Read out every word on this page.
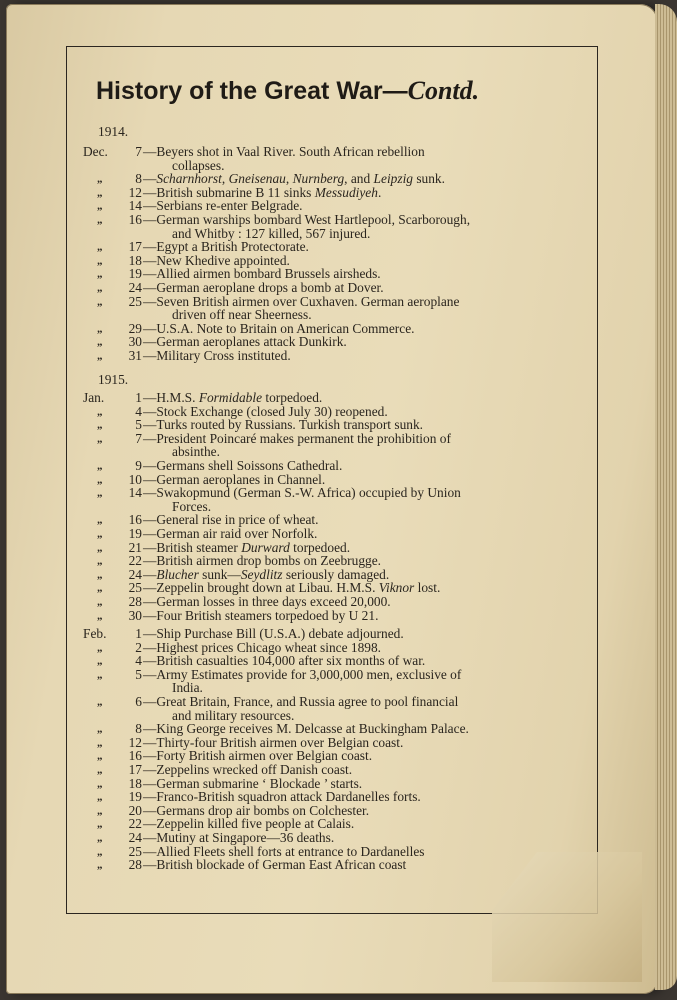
History of the Great War—Contd.
1914.
Dec.	7 —Beyers shot in Vaal River. South African rebellion
collapses.
„	8 —Scharnhorst, Gneisenau, Nurnberg, and Leipzig sunk.
„	12 —British submarine B 11 sinks Messudiyeh.
„	14 —Serbians re-enter Belgrade.
„	16 —German warships bombard West Hartlepool, Scarborough,
and Whitby : 127 killed, 567 injured.
„	17 —Egypt a British Protectorate.
„	18 —New Khedive appointed.
„	19 —Allied airmen bombard Brussels airsheds.
„	24 —German aeroplane drops a bomb at Dover.
„	25 —Seven British airmen over Cuxhaven. German aeroplane
driven off near Sheerness.
„	29 —U.S.A. Note to Britain on American Commerce.
„	30 —German aeroplanes attack Dunkirk.
„	31 —Military Cross instituted.
1915.
Jan.	1 —H.M.S. Formidable torpedoed.
„	4 —Stock Exchange (closed July 30) reopened.
„	5 —Turks routed by Russians. Turkish transport sunk.
„	7 —President Poincaré makes permanent the prohibition of
absinthe.
„	9 —Germans shell Soissons Cathedral.
„	10 —German aeroplanes in Channel.
„	14 —Swakopmund (German S.-W. Africa) occupied by Union
Forces.
„	16 —General rise in price of wheat.
„	19 —German air raid over Norfolk.
„	21 —British steamer Durward torpedoed.
„	22 —British airmen drop bombs on Zeebrugge.
„	24 —Blucher sunk—Seydlitz seriously damaged.
„	25 —Zeppelin brought down at Libau. H.M.S. Viknor lost.
„	28 —German losses in three days exceed 20,000.
„	30 —Four British steamers torpedoed by U 21.
Feb.	1 —Ship Purchase Bill (U.S.A.) debate adjourned.
„	2 —Highest prices Chicago wheat since 1898.
„	4 —British casualties 104,000 after six months of war.
„	5 —Army Estimates provide for 3,000,000 men, exclusive of
India.
„	6 —Great Britain, France, and Russia agree to pool financial
and military resources.
„	8 —King George receives M. Delcasse at Buckingham Palace.
„	12 —Thirty-four British airmen over Belgian coast.
„	16 —Forty British airmen over Belgian coast.
„	17 —Zeppelins wrecked off Danish coast.
„	18 —German submarine ‘ Blockade ’ starts.
„	19 —Franco-British squadron attack Dardanelles forts.
„	20 —Germans drop air bombs on Colchester.
„	22 —Zeppelin killed five people at Calais.
„	24 —Mutiny at Singapore—36 deaths.
„	25 —Allied Fleets shell forts at entrance to Dardanelles
„	28 —British blockade of German East African coast
